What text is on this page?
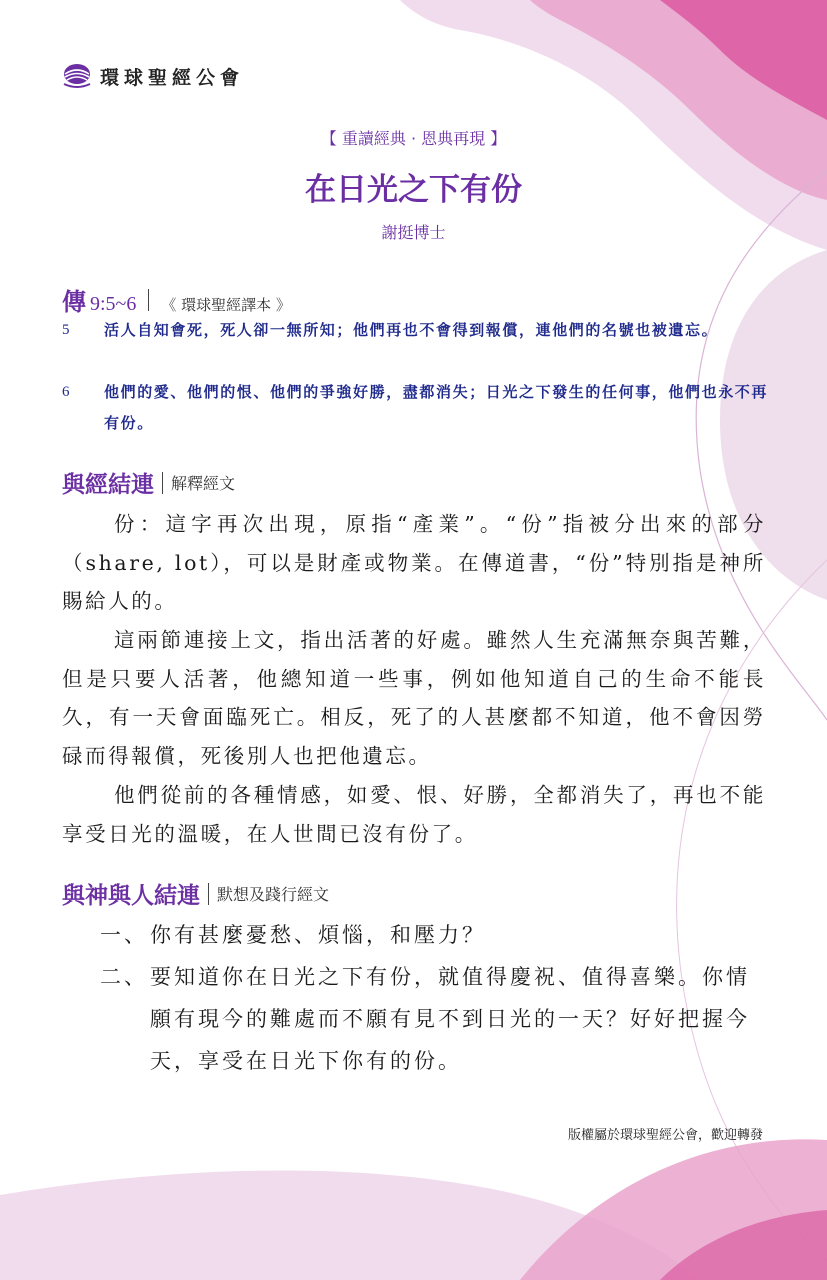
環球聖經公會
【 重讀經典 · 恩典再現 】
在日光之下有份
謝挺博士
傳 9:5~6 《 環球聖經譯本 》
5 活人自知會死，死人卻一無所知；他們再也不會得到報償，連他們的名號也被遺忘。
6 他們的愛、他們的恨、他們的爭強好勝，盡都消失；日光之下發生的任何事，他們也永不再有份。
與經結連 解釋經文

份：這字再次出現，原指“產業”。“份”指被分出來的部分（share, lot），可以是財產或物業。在傳道書，“份”特別指是神所賜給人的。

這兩節連接上文，指出活著的好處。雖然人生充滿無奈與苦難，但是只要人活著，他總知道一些事，例如他知道自己的生命不能長久，有一天會面臨死亡。相反，死了的人甚麼都不知道，他不會因勞碌而得報償，死後別人也把他遺忘。

他們從前的各種情感，如愛、恨、好勝，全都消失了，再也不能享受日光的溫暖，在人世間已沒有份了。

與神與人結連 默想及踐行經文
一、 你有甚麼憂愁、煩惱，和壓力？
二、 要知道你在日光之下有份，就值得慶祝、值得喜樂。你情願有現今的難處而不願有見不到日光的一天？好好把握今天，享受在日光下你有的份。
版權屬於環球聖經公會，歡迎轉發
